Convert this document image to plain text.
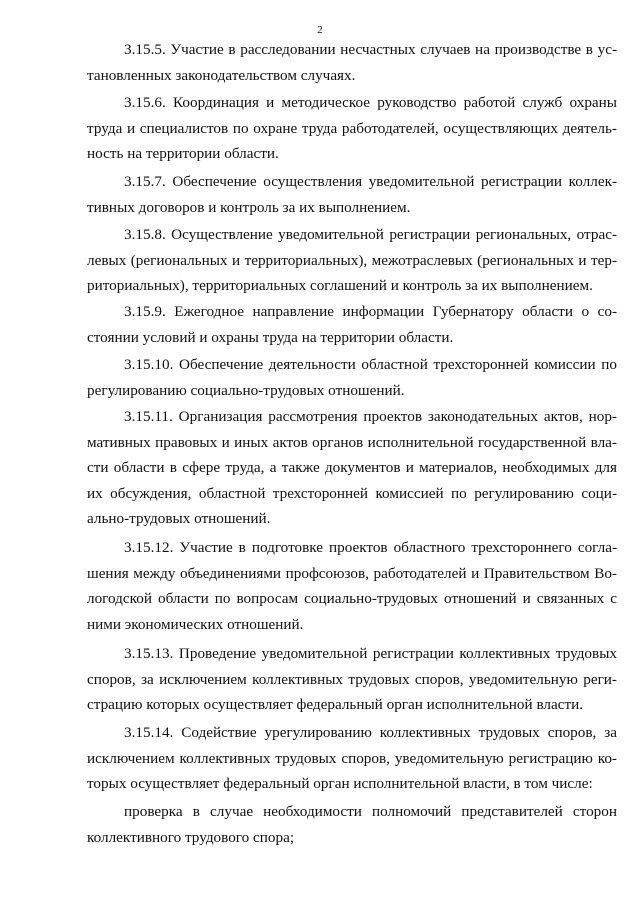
2
3.15.5. Участие в расследовании несчастных случаев на производстве в ус-
тановленных законодательством случаях.
3.15.6. Координация и методическое руководство работой служб охраны
труда и специалистов по охране труда работодателей, осуществляющих деятель-
ность на территории области.
3.15.7. Обеспечение осуществления уведомительной регистрации коллек-
тивных договоров и контроль за их выполнением.
3.15.8. Осуществление уведомительной регистрации региональных, отрас-
левых (региональных и территориальных), межотраслевых (региональных и тер-
риториальных), территориальных соглашений и контроль за их выполнением.
3.15.9. Ежегодное направление информации Губернатору области о со-
стоянии условий и охраны труда на территории области.
3.15.10. Обеспечение деятельности областной трехсторонней комиссии по
регулированию социально-трудовых отношений.
3.15.11. Организация рассмотрения проектов законодательных актов, нор-
мативных правовых и иных актов органов исполнительной государственной вла-
сти области в сфере труда, а также документов и материалов, необходимых для
их обсуждения, областной трехсторонней комиссией по регулированию соци-
ально-трудовых отношений.
3.15.12. Участие в подготовке проектов областного трехстороннего согла-
шения между объединениями профсоюзов, работодателей и Правительством Во-
логодской области по вопросам социально-трудовых отношений и связанных с
ними экономических отношений.
3.15.13. Проведение уведомительной регистрации коллективных трудовых
споров, за исключением коллективных трудовых споров, уведомительную реги-
страцию которых осуществляет федеральный орган исполнительной власти.
3.15.14. Содействие урегулированию коллективных трудовых споров, за
исключением коллективных трудовых споров, уведомительную регистрацию ко-
торых осуществляет федеральный орган исполнительной власти, в том числе:
проверка в случае необходимости полномочий представителей сторон
коллективного трудового спора;
